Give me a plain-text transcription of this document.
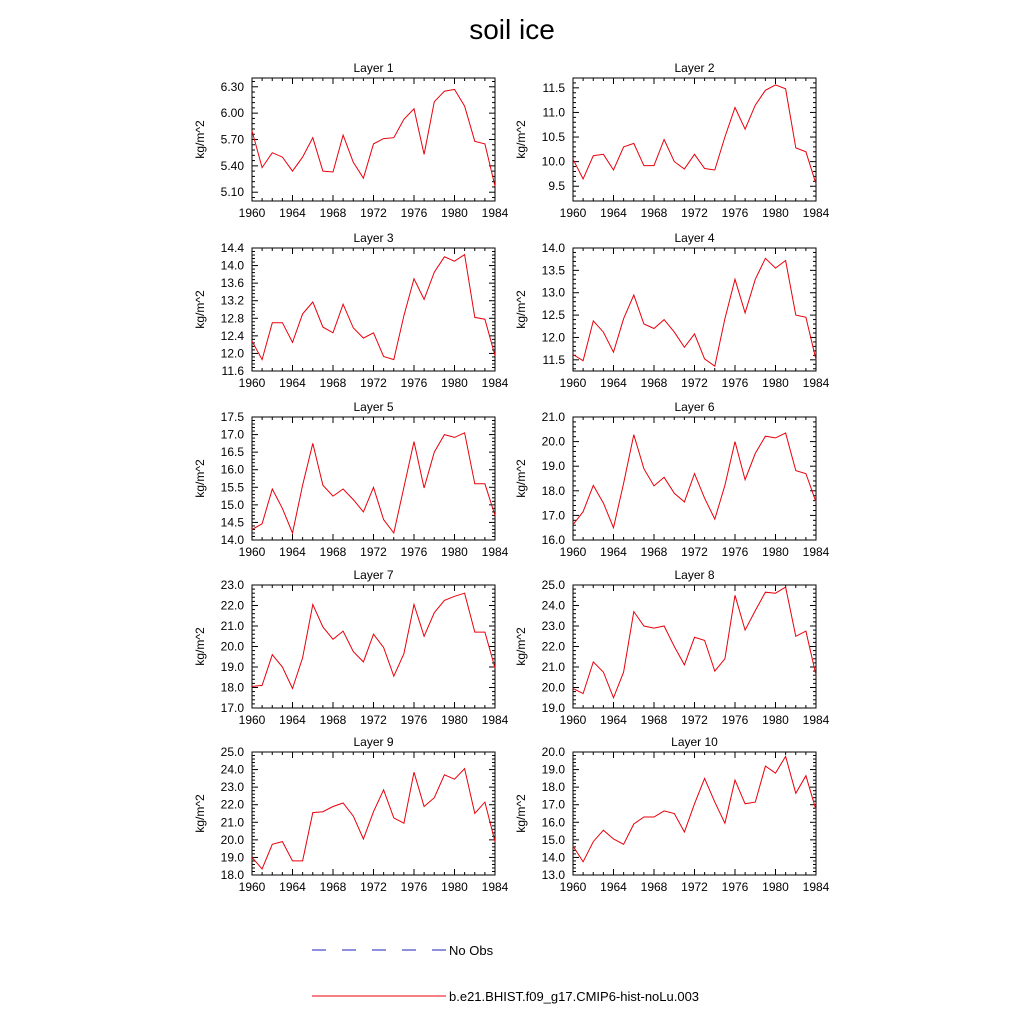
soil ice
Layer 1
kg/m^2
1960 1964 1968 1972 1976 1980 1984
5.10
5.40
5.70
6.00
6.30
Layer 2
kg/m^2
1960 1964 1968 1972 1976 1980 1984
9.5
10.0
10.5
11.0
11.5
Layer 3
kg/m^2
1960 1964 1968 1972 1976 1980 1984
11.6
12.0
12.4
12.8
13.2
13.6
14.0
14.4
Layer 4
kg/m^2
1960 1964 1968 1972 1976 1980 1984
11.5
12.0
12.5
13.0
13.5
14.0
Layer 5
kg/m^2
1960 1964 1968 1972 1976 1980 1984
14.0
14.5
15.0
15.5
16.0
16.5
17.0
17.5
Layer 6
kg/m^2
1960 1964 1968 1972 1976 1980 1984
16.0
17.0
18.0
19.0
20.0
21.0
Layer 7
kg/m^2
1960 1964 1968 1972 1976 1980 1984
17.0
18.0
19.0
20.0
21.0
22.0
23.0
Layer 8
kg/m^2
1960 1964 1968 1972 1976 1980 1984
19.0
20.0
21.0
22.0
23.0
24.0
25.0
Layer 9
kg/m^2
1960 1964 1968 1972 1976 1980 1984
18.0
19.0
20.0
21.0
22.0
23.0
24.0
25.0
Layer 10
kg/m^2
1960 1964 1968 1972 1976 1980 1984
13.0
14.0
15.0
16.0
17.0
18.0
19.0
20.0
No Obs
b.e21.BHIST.f09_g17.CMIP6-hist-noLu.003
